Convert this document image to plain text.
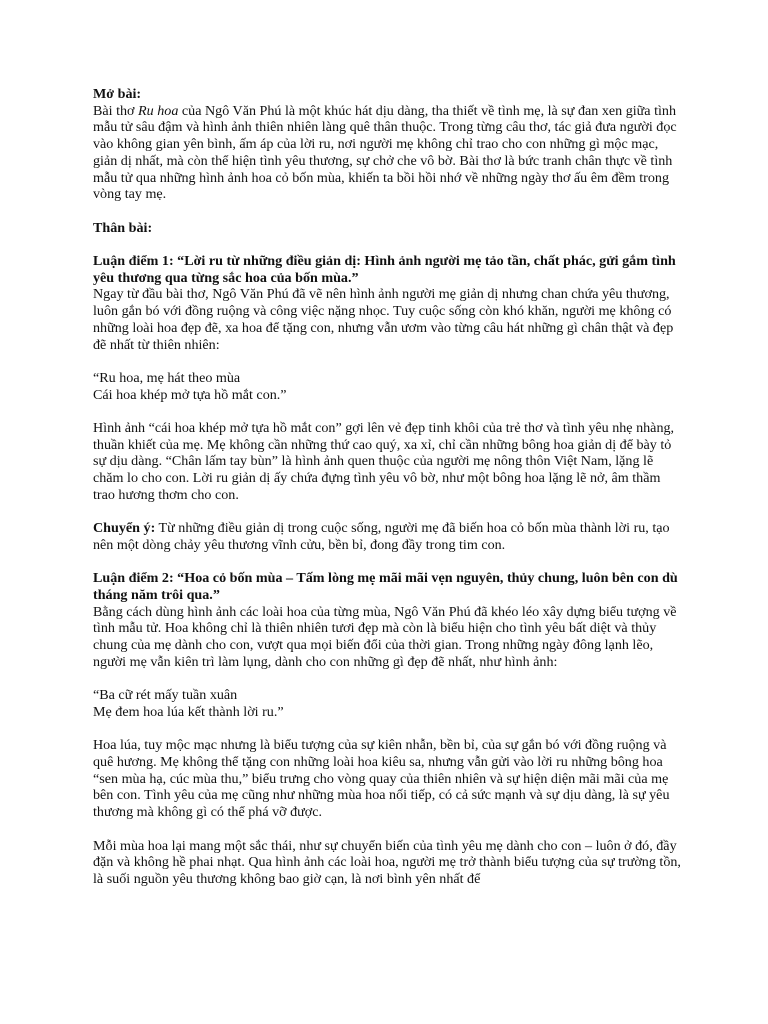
Mở bài:

Bài thơ Ru hoa của Ngô Văn Phú là một khúc hát dịu dàng, tha thiết về tình mẹ, là sự đan xen giữa tình mẫu tử sâu đậm và hình ảnh thiên nhiên làng quê thân thuộc. Trong từng câu thơ, tác giả đưa người đọc vào không gian yên bình, ấm áp của lời ru, nơi người mẹ không chỉ trao cho con những gì mộc mạc, giản dị nhất, mà còn thể hiện tình yêu thương, sự chở che vô bờ. Bài thơ là bức tranh chân thực về tình mẫu tử qua những hình ảnh hoa cỏ bốn mùa, khiến ta bồi hồi nhớ về những ngày thơ ấu êm đềm trong vòng tay mẹ.

Thân bài:

Luận điểm 1: “Lời ru từ những điều giản dị: Hình ảnh người mẹ tảo tần, chất phác, gửi gắm tình yêu thương qua từng sắc hoa của bốn mùa.”

Ngay từ đầu bài thơ, Ngô Văn Phú đã vẽ nên hình ảnh người mẹ giản dị nhưng chan chứa yêu thương, luôn gắn bó với đồng ruộng và công việc nặng nhọc. Tuy cuộc sống còn khó khăn, người mẹ không có những loài hoa đẹp đẽ, xa hoa để tặng con, nhưng vẫn ươm vào từng câu hát những gì chân thật và đẹp đẽ nhất từ thiên nhiên:

“Ru hoa, mẹ hát theo mùa

Cái hoa khép mở tựa hồ mắt con.”

Hình ảnh “cái hoa khép mở tựa hồ mắt con” gợi lên vẻ đẹp tinh khôi của trẻ thơ và tình yêu nhẹ nhàng, thuần khiết của mẹ. Mẹ không cần những thứ cao quý, xa xỉ, chỉ cần những bông hoa giản dị để bày tỏ sự dịu dàng. “Chân lấm tay bùn” là hình ảnh quen thuộc của người mẹ nông thôn Việt Nam, lặng lẽ chăm lo cho con. Lời ru giản dị ấy chứa đựng tình yêu vô bờ, như một bông hoa lặng lẽ nở, âm thầm trao hương thơm cho con.

Chuyển ý: Từ những điều giản dị trong cuộc sống, người mẹ đã biến hoa cỏ bốn mùa thành lời ru, tạo nên một dòng chảy yêu thương vĩnh cửu, bền bỉ, đong đầy trong tim con.

Luận điểm 2: “Hoa cỏ bốn mùa – Tấm lòng mẹ mãi mãi vẹn nguyên, thủy chung, luôn bên con dù tháng năm trôi qua.”

Bằng cách dùng hình ảnh các loài hoa của từng mùa, Ngô Văn Phú đã khéo léo xây dựng biểu tượng về tình mẫu tử. Hoa không chỉ là thiên nhiên tươi đẹp mà còn là biểu hiện cho tình yêu bất diệt và thủy chung của mẹ dành cho con, vượt qua mọi biến đổi của thời gian. Trong những ngày đông lạnh lẽo, người mẹ vẫn kiên trì làm lụng, dành cho con những gì đẹp đẽ nhất, như hình ảnh:

“Ba cữ rét mấy tuần xuân

Mẹ đem hoa lúa kết thành lời ru.”

Hoa lúa, tuy mộc mạc nhưng là biểu tượng của sự kiên nhẫn, bền bỉ, của sự gắn bó với đồng ruộng và quê hương. Mẹ không thể tặng con những loài hoa kiêu sa, nhưng vẫn gửi vào lời ru những bông hoa “sen mùa hạ, cúc mùa thu,” biểu trưng cho vòng quay của thiên nhiên và sự hiện diện mãi mãi của mẹ bên con. Tình yêu của mẹ cũng như những mùa hoa nối tiếp, có cả sức mạnh và sự dịu dàng, là sự yêu thương mà không gì có thể phá vỡ được.

Mỗi mùa hoa lại mang một sắc thái, như sự chuyển biến của tình yêu mẹ dành cho con – luôn ở đó, đầy đặn và không hề phai nhạt. Qua hình ảnh các loài hoa, người mẹ trở thành biểu tượng của sự trường tồn, là suối nguồn yêu thương không bao giờ cạn, là nơi bình yên nhất để
